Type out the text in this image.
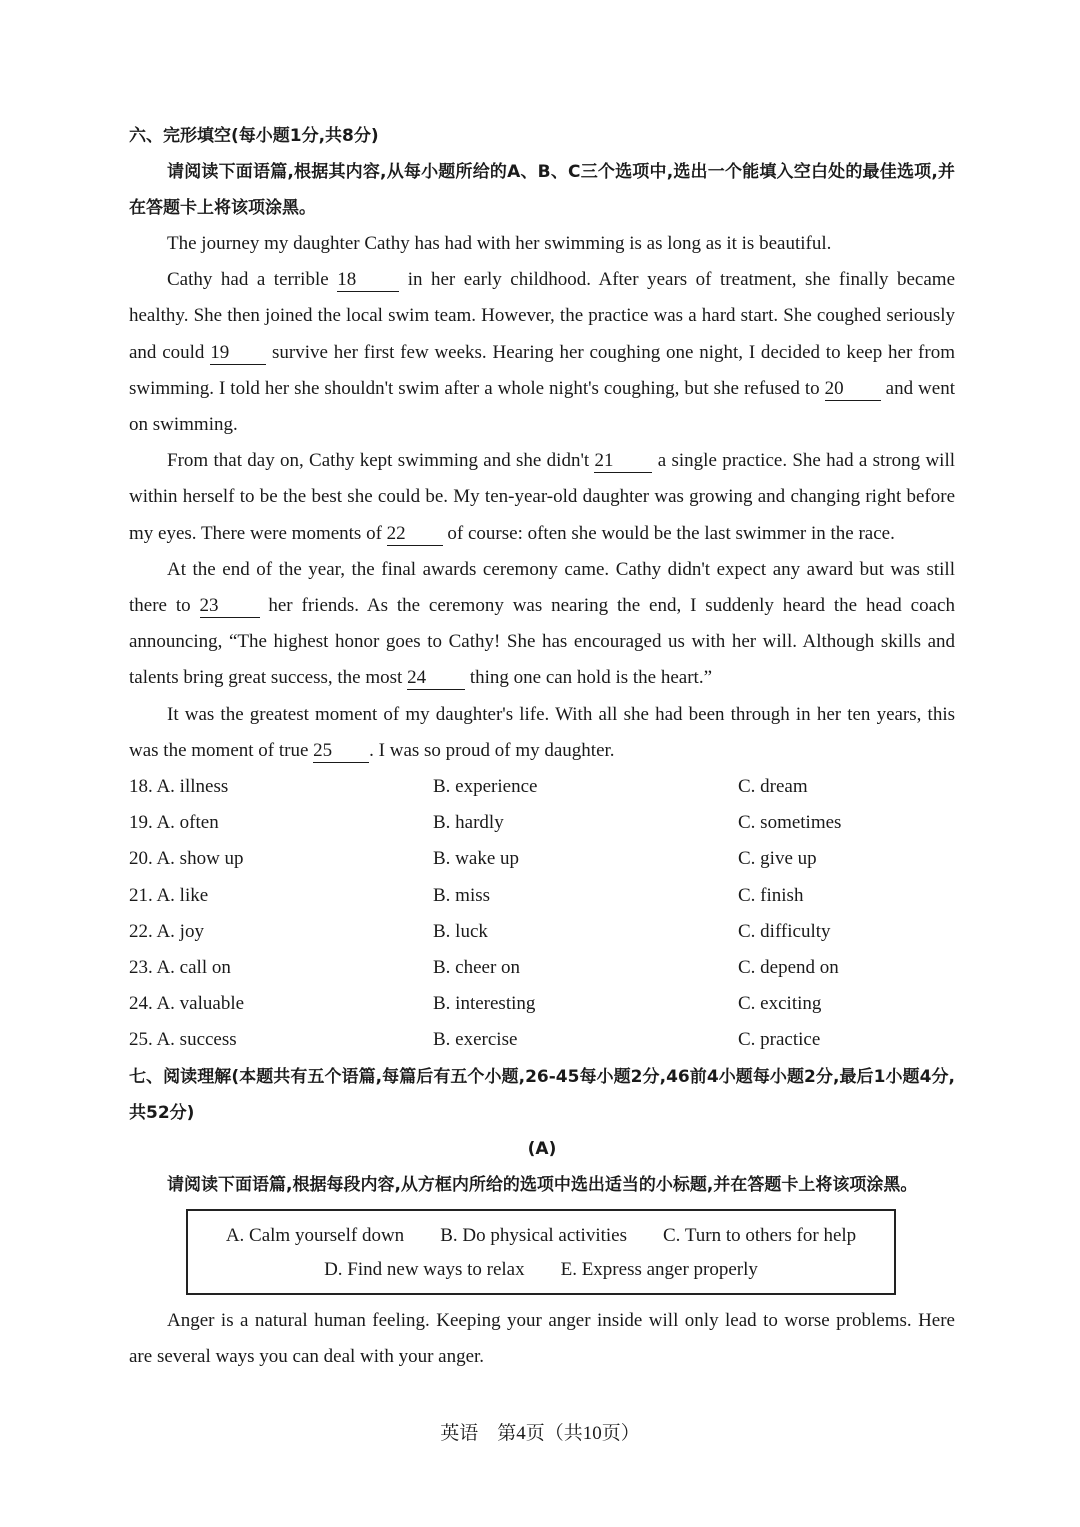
六、完形填空(每小题1分,共8分)

请阅读下面语篇,根据其内容,从每小题所给的A、B、C三个选项中,选出一个能填入空白处的最佳选项,并在答题卡上将该项涂黑。

The journey my daughter Cathy has had with her swimming is as long as it is beautiful.

Cathy had a terrible 18 in her early childhood. After years of treatment, she finally became healthy. She then joined the local swim team. However, the practice was a hard start. She coughed seriously and could 19 survive her first few weeks. Hearing her coughing one night, I decided to keep her from swimming. I told her she shouldn't swim after a whole night's coughing, but she refused to 20 and went on swimming.

From that day on, Cathy kept swimming and she didn't 21 a single practice. She had a strong will within herself to be the best she could be. My ten-year-old daughter was growing and changing right before my eyes. There were moments of 22 of course: often she would be the last swimmer in the race.

At the end of the year, the final awards ceremony came. Cathy didn't expect any award but was still there to 23 her friends. As the ceremony was nearing the end, I suddenly heard the head coach announcing, “The highest honor goes to Cathy! She has encouraged us with her will. Although skills and talents bring great success, the most 24 thing one can hold is the heart.”

It was the greatest moment of my daughter's life. With all she had been through in her ten years, this was the moment of true 25 . I was so proud of my daughter.

18. A. illness	B. experience	C. dream
19. A. often	B. hardly	C. sometimes
20. A. show up	B. wake up	C. give up
21. A. like	B. miss	C. finish
22. A. joy	B. luck	C. difficulty
23. A. call on	B. cheer on	C. depend on
24. A. valuable	B. interesting	C. exciting
25. A. success	B. exercise	C. practice

七、阅读理解(本题共有五个语篇,每篇后有五个小题,26-45每小题2分,46前4小题每小题2分,最后1小题4分,共52分)

(A)

请阅读下面语篇,根据每段内容,从方框内所给的选项中选出适当的小标题,并在答题卡上将该项涂黑。

A. Calm yourself down B. Do physical activities C. Turn to others for help
D. Find new ways to relax E. Express anger properly

Anger is a natural human feeling. Keeping your anger inside will only lead to worse problems. Here are several ways you can deal with your anger.

英语　第4页（共10页）
